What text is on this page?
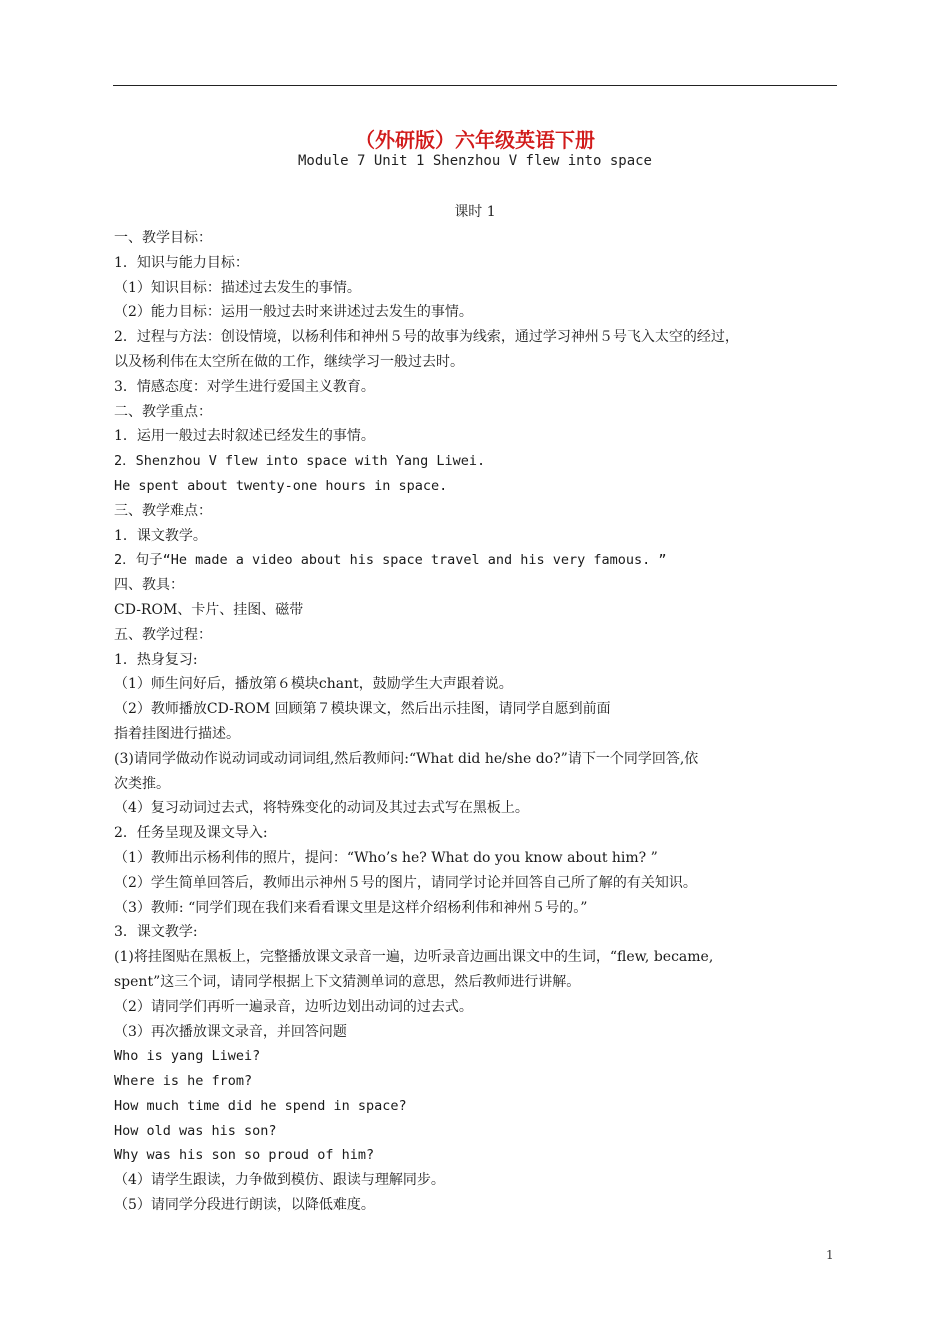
（外研版）六年级英语下册
Module 7 Unit 1 Shenzhou V flew into space
课时 1
一、教学目标：
1．知识与能力目标：
（1）知识目标：描述过去发生的事情。
（2）能力目标：运用一般过去时来讲述过去发生的事情。
2．过程与方法：创设情境，以杨利伟和神州５号的故事为线索，通过学习神州５号飞入太空的经过，
以及杨利伟在太空所在做的工作，继续学习一般过去时。
3．情感态度：对学生进行爱国主义教育。
二、教学重点：
1．运用一般过去时叙述已经发生的事情。
2．Shenzhou V flew into space with Yang Liwei.
He spent about twenty-one hours in space.
三、教学难点：
1．课文教学。
2．句子“He made a video about his space travel and his very famous. ”
四、教具：
CD-ROM、卡片、挂图、磁带
五、教学过程：
1．热身复习:
（1）师生问好后，播放第６模块chant，鼓励学生大声跟着说。
（2）教师播放CD-ROM 回顾第７模块课文，然后出示挂图，请同学自愿到前面
指着挂图进行描述。
(3)请同学做动作说动词或动词词组,然后教师问:“What did he/she do?”请下一个同学回答,依
次类推。
（4）复习动词过去式，将特殊变化的动词及其过去式写在黑板上。
2．任务呈现及课文导入:
（1）教师出示杨利伟的照片，提问：“Who’s he? What do you know about him? ”
（2）学生简单回答后，教师出示神州５号的图片，请同学讨论并回答自己所了解的有关知识。
（3）教师: “同学们现在我们来看看课文里是这样介绍杨利伟和神州５号的。”
3．课文教学:
(1)将挂图贴在黑板上，完整播放课文录音一遍，边听录音边画出课文中的生词，“flew, became,
spent”这三个词，请同学根据上下文猜测单词的意思，然后教师进行讲解。
（2）请同学们再听一遍录音，边听边划出动词的过去式。
（3）再次播放课文录音，并回答问题
Who is yang Liwei?
Where is he from?
How much time did he spend in space?
How old was his son?
Why was his son so proud of him?
（4）请学生跟读，力争做到模仿、跟读与理解同步。
（5）请同学分段进行朗读，以降低难度。
1
